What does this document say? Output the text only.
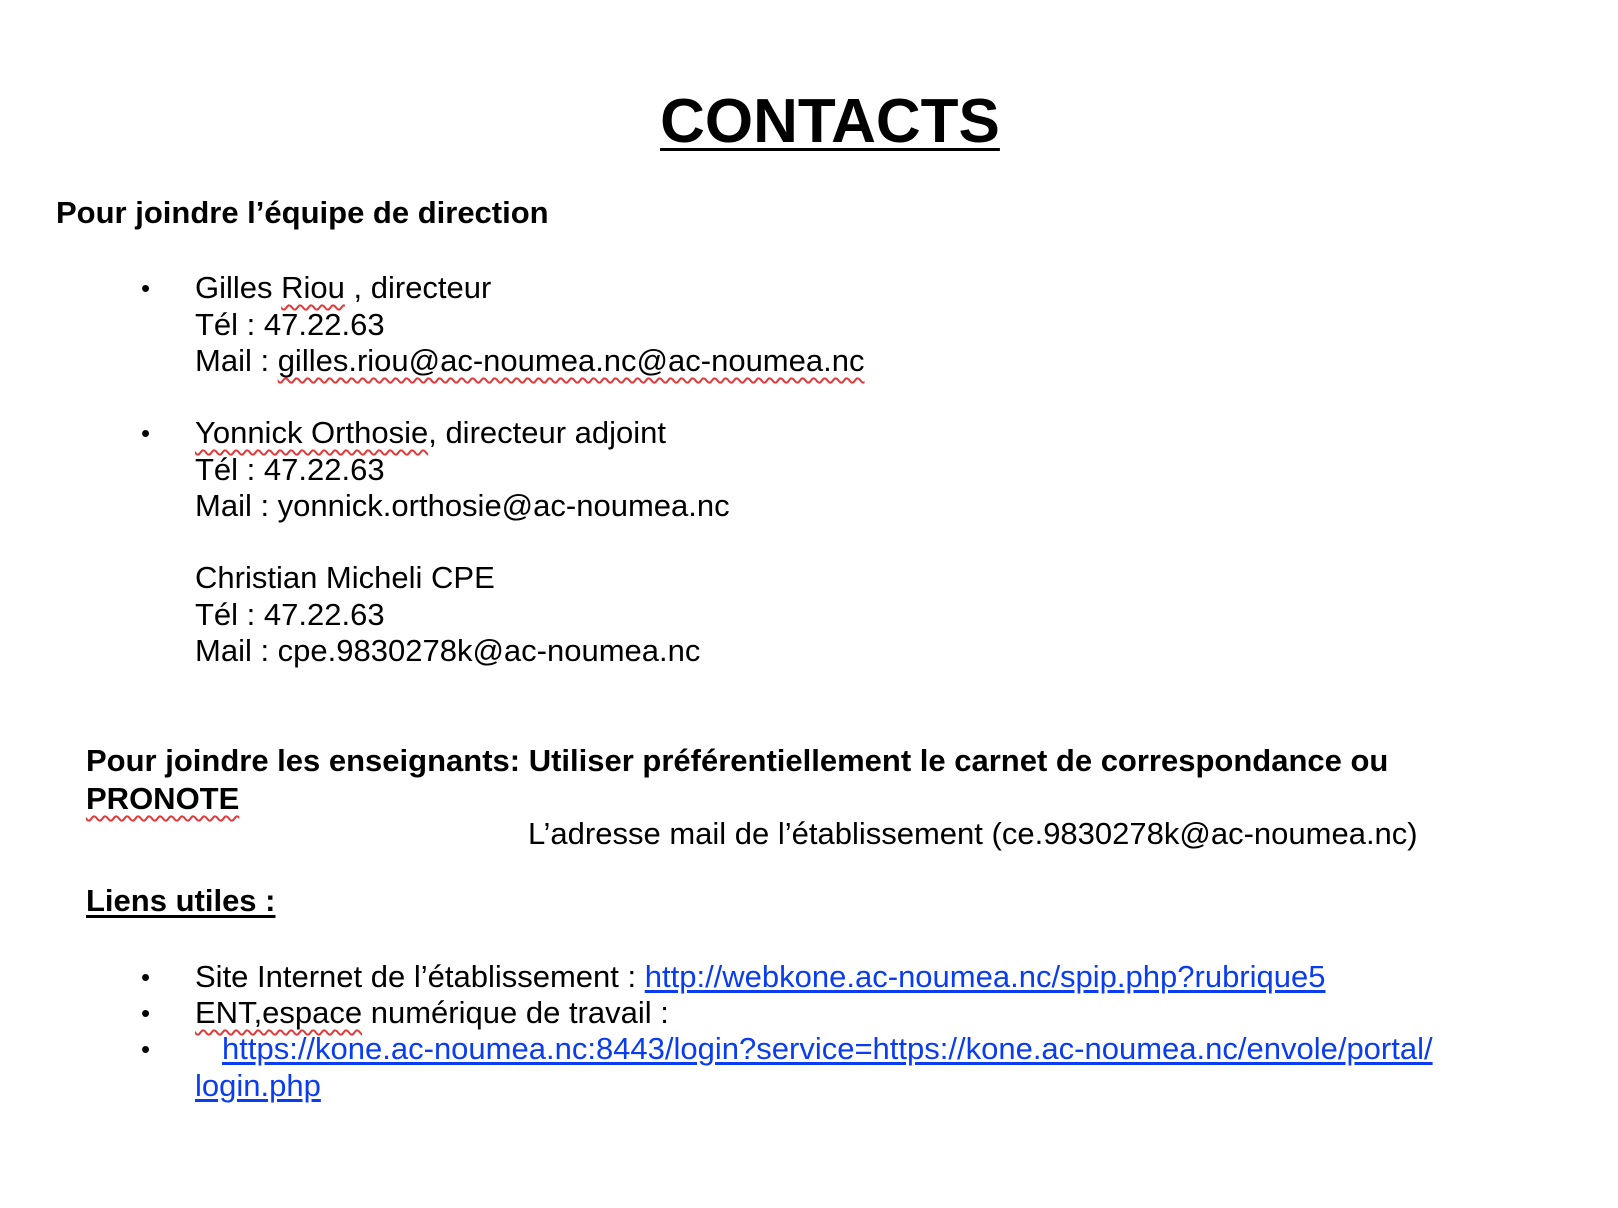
CONTACTS
Pour joindre l’équipe de direction
• Gilles Riou , directeur
Tél : 47.22.63
Mail : gilles.riou@ac-noumea.nc@ac-noumea.nc
• Yonnick Orthosie, directeur adjoint
Tél : 47.22.63
Mail : yonnick.orthosie@ac-noumea.nc
Christian Micheli CPE
Tél : 47.22.63
Mail : cpe.9830278k@ac-noumea.nc
Pour joindre les enseignants: Utiliser préférentiellement le carnet de correspondance ou PRONOTE
L’adresse mail de l’établissement (ce.9830278k@ac-noumea.nc)
Liens utiles :
• Site Internet de l’établissement : http://webkone.ac-noumea.nc/spip.php?rubrique5
• ENT,espace numérique de travail :
•	https://kone.ac-noumea.nc:8443/login?service=https://kone.ac-noumea.nc/envole/portal/
login.php
